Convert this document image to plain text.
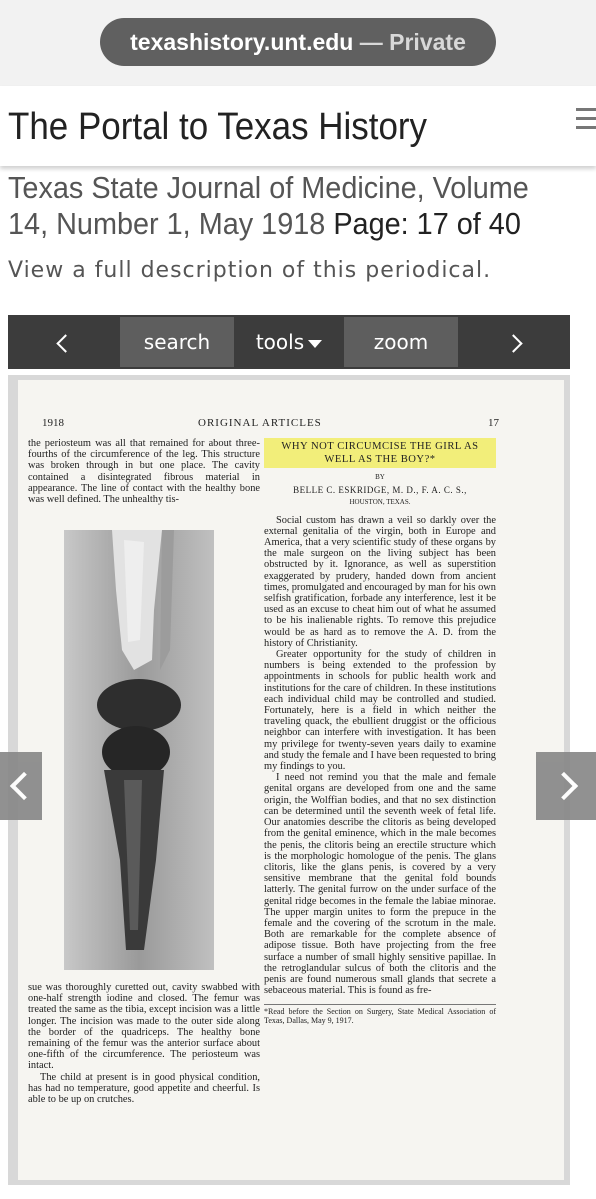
texashistory.unt.edu — Private
The Portal to Texas History
Texas State Journal of Medicine, Volume 14, Number 1, May 1918 Page: 17 of 40
View a full description of this periodical.
search	tools	zoom
1918	ORIGINAL ARTICLES	17
the periosteum was all that remained for about three-fourths of the circumference of the leg. This structure was broken through in but one place. The cavity contained a disintegrated fibrous material in appearance. The line of contact with the healthy bone was well defined. The unhealthy tis-

sue was thoroughly curetted out, cavity swabbed with one-half strength iodine and closed. The femur was treated the same as the tibia, except incision was a little longer. The incision was made to the outer side along the border of the quadriceps. The healthy bone remaining of the femur was the anterior surface about one-fifth of the circumference. The periosteum was intact.

The child at present is in good physical condition, has had no temperature, good appetite and cheerful. Is able to be up on crutches.

WHY NOT CIRCUMCISE THE GIRL AS WELL AS THE BOY?*
BY
BELLE C. ESKRIDGE, M. D., F. A. C. S.,
HOUSTON, TEXAS.

Social custom has drawn a veil so darkly over the external genitalia of the virgin, both in Europe and America, that a very scientific study of these organs by the male surgeon on the living subject has been obstructed by it. Ignorance, as well as superstition exaggerated by prudery, handed down from ancient times, promulgated and encouraged by man for his own selfish gratification, forbade any interference, lest it be used as an excuse to cheat him out of what he assumed to be his inalienable rights. To remove this prejudice would be as hard as to remove the A. D. from the history of Christianity.

Greater opportunity for the study of children in numbers is being extended to the profession by appointments in schools for public health work and institutions for the care of children. In these institutions each individual child may be controlled and studied. Fortunately, here is a field in which neither the traveling quack, the ebullient druggist or the officious neighbor can interfere with investigation. It has been my privilege for twenty-seven years daily to examine and study the female and I have been requested to bring my findings to you.

I need not remind you that the male and female genital organs are developed from one and the same origin, the Wolffian bodies, and that no sex distinction can be determined until the seventh week of fetal life. Our anatomies describe the clitoris as being developed from the genital eminence, which in the male becomes the penis, the clitoris being an erectile structure which is the morphologic homologue of the penis. The glans clitoris, like the glans penis, is covered by a very sensitive membrane that the genital fold bounds latterly. The genital furrow on the under surface of the genital ridge becomes in the female the labiae minorae. The upper margin unites to form the prepuce in the female and the covering of the scrotum in the male. Both are remarkable for the complete absence of adipose tissue. Both have projecting from the free surface a number of small highly sensitive papillae. In the retroglandular sulcus of both the clitoris and the penis are found numerous small glands that secrete a sebaceous material. This is found as fre-

*Read before the Section on Surgery, State Medical Association of Texas, Dallas, May 9, 1917.
